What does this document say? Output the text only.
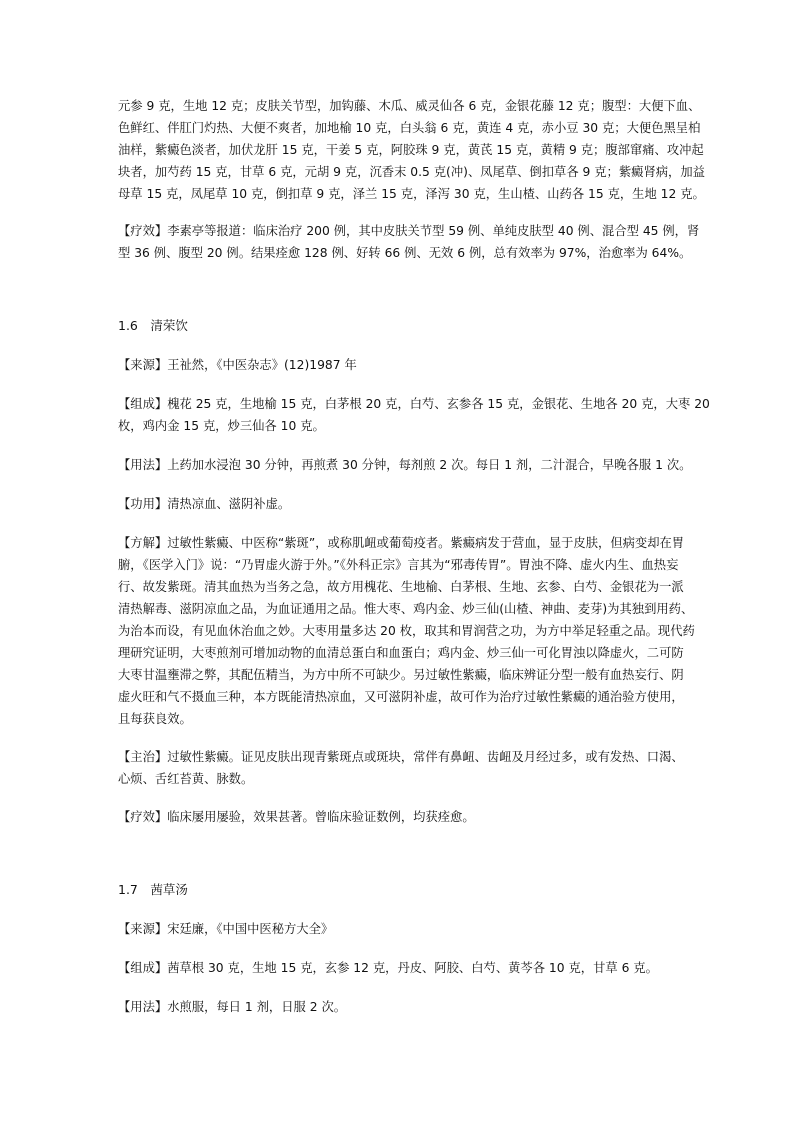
元参 9 克，生地 12 克；皮肤关节型，加钩藤、木瓜、威灵仙各 6 克，金银花藤 12 克；腹型：大便下血、
色鲜红、伴肛门灼热、大便不爽者，加地榆 10 克，白头翁 6 克，黄连 4 克，赤小豆 30 克；大便色黑呈柏
油样，紫癜色淡者，加伏龙肝 15 克，干姜 5 克，阿胶珠 9 克，黄芪 15 克，黄精 9 克；腹部窜痛、攻冲起
块者，加芍药 15 克，甘草 6 克，元胡 9 克，沉香末 0.5 克(冲)、凤尾草、倒扣草各 9 克；紫癜肾病，加益
母草 15 克，凤尾草 10 克，倒扣草 9 克，泽兰 15 克，泽泻 30 克，生山楂、山药各 15 克，生地 12 克。
【疗效】李素亭等报道：临床治疗 200 例，其中皮肤关节型 59 例、单纯皮肤型 40 例、混合型 45 例，肾
型 36 例、腹型 20 例。结果痊愈 128 例、好转 66 例、无效 6 例，总有效率为 97%，治愈率为 64%。
1.6　清荣饮
【来源】王祉然，《中医杂志》(12)1987 年
【组成】槐花 25 克，生地榆 15 克，白茅根 20 克，白芍、玄参各 15 克，金银花、生地各 20 克，大枣 20
枚，鸡内金 15 克，炒三仙各 10 克。
【用法】上药加水浸泡 30 分钟，再煎煮 30 分钟，每剂煎 2 次。每日 1 剂，二汁混合，早晚各服 1 次。
【功用】清热凉血、滋阴补虚。
【方解】过敏性紫癜、中医称“紫斑”，或称肌衄或葡萄疫者。紫癜病发于营血，显于皮肤，但病变却在胃
腑，《医学入门》说：“乃胃虚火游于外。”《外科正宗》言其为“邪毒传胃”。胃浊不降、虚火内生、血热妄
行、故发紫斑。清其血热为当务之急，故方用槐花、生地榆、白茅根、生地、玄参、白芍、金银花为一派
清热解毒、滋阴凉血之品，为血证通用之品。惟大枣、鸡内金、炒三仙(山楂、神曲、麦芽)为其独到用药、
为治本而设，有见血休治血之妙。大枣用量多达 20 枚，取其和胃润营之功，为方中举足轻重之品。现代药
理研究证明，大枣煎剂可增加动物的血清总蛋白和血蛋白；鸡内金、炒三仙一可化胃浊以降虚火，二可防
大枣甘温壅滞之弊，其配伍精当，为方中所不可缺少。另过敏性紫癜，临床辨证分型一般有血热妄行、阴
虚火旺和气不摄血三种，本方既能清热凉血，又可滋阴补虚，故可作为治疗过敏性紫癜的通治验方使用，
且每获良效。
【主治】过敏性紫癜。证见皮肤出现青紫斑点或斑块，常伴有鼻衄、齿衄及月经过多，或有发热、口渴、
心烦、舌红苔黄、脉数。
【疗效】临床屡用屡验，效果甚著。曾临床验证数例，均获痊愈。
1.7　茜草汤
【来源】宋廷廉，《中国中医秘方大全》
【组成】茜草根 30 克，生地 15 克，玄参 12 克，丹皮、阿胶、白芍、黄芩各 10 克，甘草 6 克。
【用法】水煎服，每日 1 剂，日服 2 次。
